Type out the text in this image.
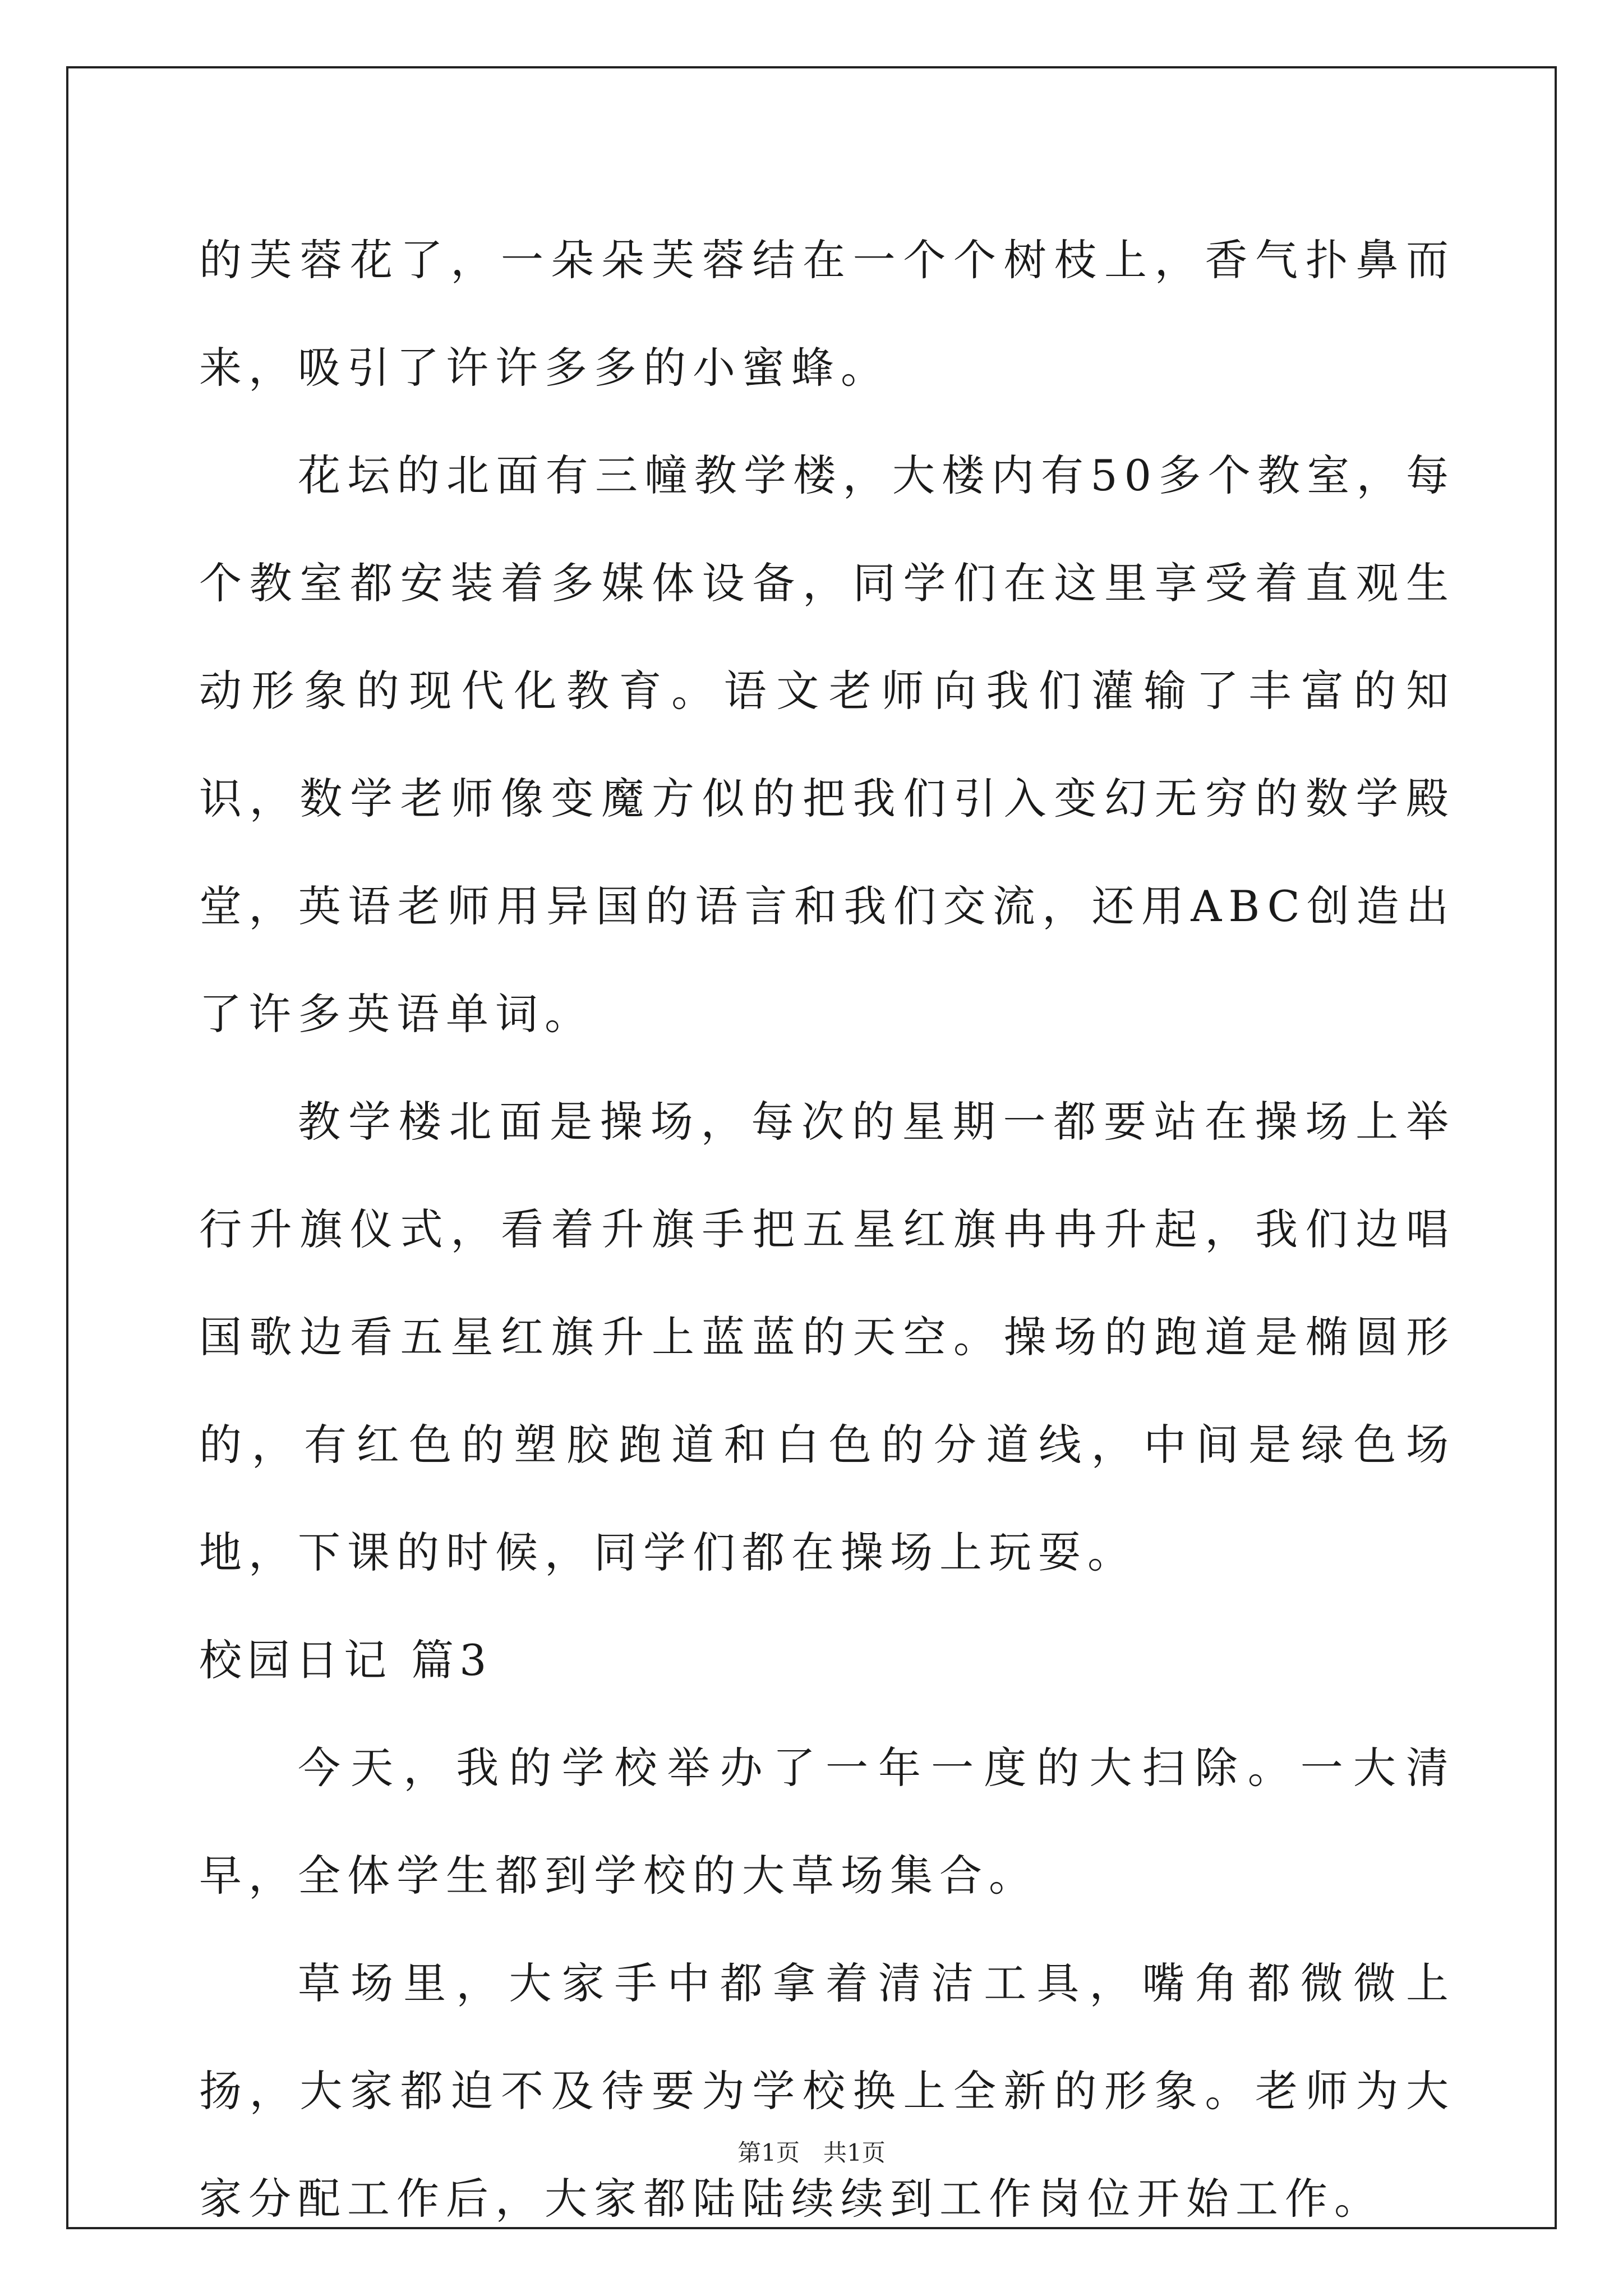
的芙蓉花了，一朵朵芙蓉结在一个个树枝上，香气扑鼻而来，吸引了许许多多的小蜜蜂。

花坛的北面有三幢教学楼，大楼内有50多个教室，每个教室都安装着多媒体设备，同学们在这里享受着直观生动形象的现代化教育。语文老师向我们灌输了丰富的知识，数学老师像变魔方似的把我们引入变幻无穷的数学殿堂，英语老师用异国的语言和我们交流，还用ABC创造出了许多英语单词。

教学楼北面是操场，每次的星期一都要站在操场上举行升旗仪式，看着升旗手把五星红旗冉冉升起，我们边唱国歌边看五星红旗升上蓝蓝的天空。操场的跑道是椭圆形的，有红色的塑胶跑道和白色的分道线，中间是绿色场地，下课的时候，同学们都在操场上玩耍。

校园日记 篇3

今天，我的学校举办了一年一度的大扫除。一大清早，全体学生都到学校的大草场集合。

草场里，大家手中都拿着清洁工具，嘴角都微微上扬，大家都迫不及待要为学校换上全新的形象。老师为大家分配工作后，大家都陆陆续续到工作岗位开始工作。

第1页　共1页
